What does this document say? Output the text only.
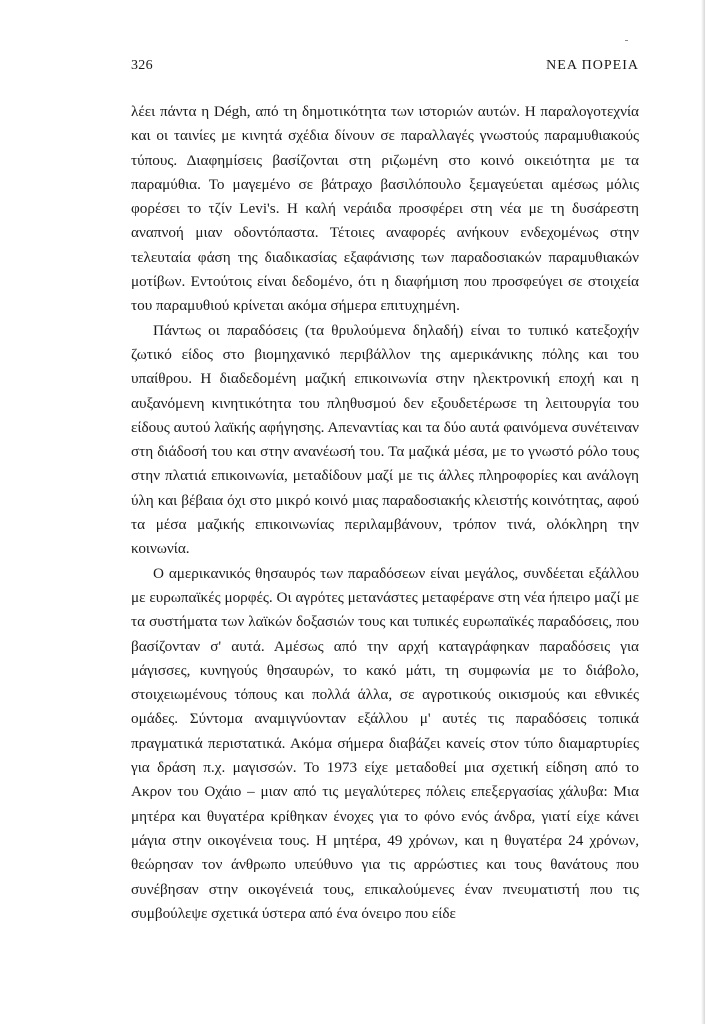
326	ΝΕΑ ΠΟΡΕΙΑ

λέει πάντα η Dégh, από τη δημοτικότητα των ιστοριών αυτών. Η παραλογοτεχνία και οι ταινίες με κινητά σχέδια δίνουν σε παραλλαγές γνωστούς παραμυθιακούς τύπους. Διαφημίσεις βασίζονται στη ριζωμένη στο κοινό οικειότητα με τα παραμύθια. Το μαγεμένο σε βάτραχο βασιλόπουλο ξεμαγεύεται αμέσως μόλις φορέσει το τζίν Levi's. Η καλή νεράιδα προσφέρει στη νέα με τη δυσάρεστη αναπνοή μιαν οδοντόπαστα. Τέτοιες αναφορές ανήκουν ενδεχομένως στην τελευταία φάση της διαδικασίας εξαφάνισης των παραδοσιακών παραμυθιακών μοτίβων. Εντούτοις είναι δεδομένο, ότι η διαφήμιση που προσφεύγει σε στοιχεία του παραμυθιού κρίνεται ακόμα σήμερα επιτυχημένη.

Πάντως οι παραδόσεις (τα θρυλούμενα δηλαδή) είναι το τυπικό κατεξοχήν ζωτικό είδος στο βιομηχανικό περιβάλλον της αμερικάνικης πόλης και του υπαίθρου. Η διαδεδομένη μαζική επικοινωνία στην ηλεκτρονική εποχή και η αυξανόμενη κινητικότητα του πληθυσμού δεν εξουδετέρωσε τη λειτουργία του είδους αυτού λαϊκής αφήγησης. Απεναντίας και τα δύο αυτά φαινόμενα συνέτειναν στη διάδοσή του και στην ανανέωσή του. Τα μαζικά μέσα, με το γνωστό ρόλο τους στην πλατιά επικοινωνία, μεταδίδουν μαζί με τις άλλες πληροφορίες και ανάλογη ύλη και βέβαια όχι στο μικρό κοινό μιας παραδοσιακής κλειστής κοινότητας, αφού τα μέσα μαζικής επικοινωνίας περιλαμβάνουν, τρόπον τινά, ολόκληρη την κοινωνία.

Ο αμερικανικός θησαυρός των παραδόσεων είναι μεγάλος, συνδέεται εξάλλου με ευρωπαϊκές μορφές. Οι αγρότες μετανάστες μεταφέρανε στη νέα ήπειρο μαζί με τα συστήματα των λαϊκών δοξασιών τους και τυπικές ευρωπαϊκές παραδόσεις, που βασίζονταν σ' αυτά. Αμέσως από την αρχή καταγράφηκαν παραδόσεις για μάγισσες, κυνηγούς θησαυρών, το κακό μάτι, τη συμφωνία με το διάβολο, στοιχειωμένους τόπους και πολλά άλλα, σε αγροτικούς οικισμούς και εθνικές ομάδες. Σύντομα αναμιγνύονταν εξάλλου μ' αυτές τις παραδόσεις τοπικά πραγματικά περιστατικά. Ακόμα σήμερα διαβάζει κανείς στον τύπο διαμαρτυρίες για δράση π.χ. μαγισσών. Το 1973 είχε μεταδοθεί μια σχετική είδηση από το Ακρον του Οχάιο – μιαν από τις μεγαλύτερες πόλεις επεξεργασίας χάλυβα: Μια μητέρα και θυγατέρα κρίθηκαν ένοχες για το φόνο ενός άνδρα, γιατί είχε κάνει μάγια στην οικογένεια τους. Η μητέρα, 49 χρόνων, και η θυγατέρα 24 χρόνων, θεώρησαν τον άνθρωπο υπεύθυνο για τις αρρώστιες και τους θανάτους που συνέβησαν στην οικογένειά τους, επικαλούμενες έναν πνευματιστή που τις συμβούλεψε σχετικά ύστερα από ένα όνειρο που είδε
